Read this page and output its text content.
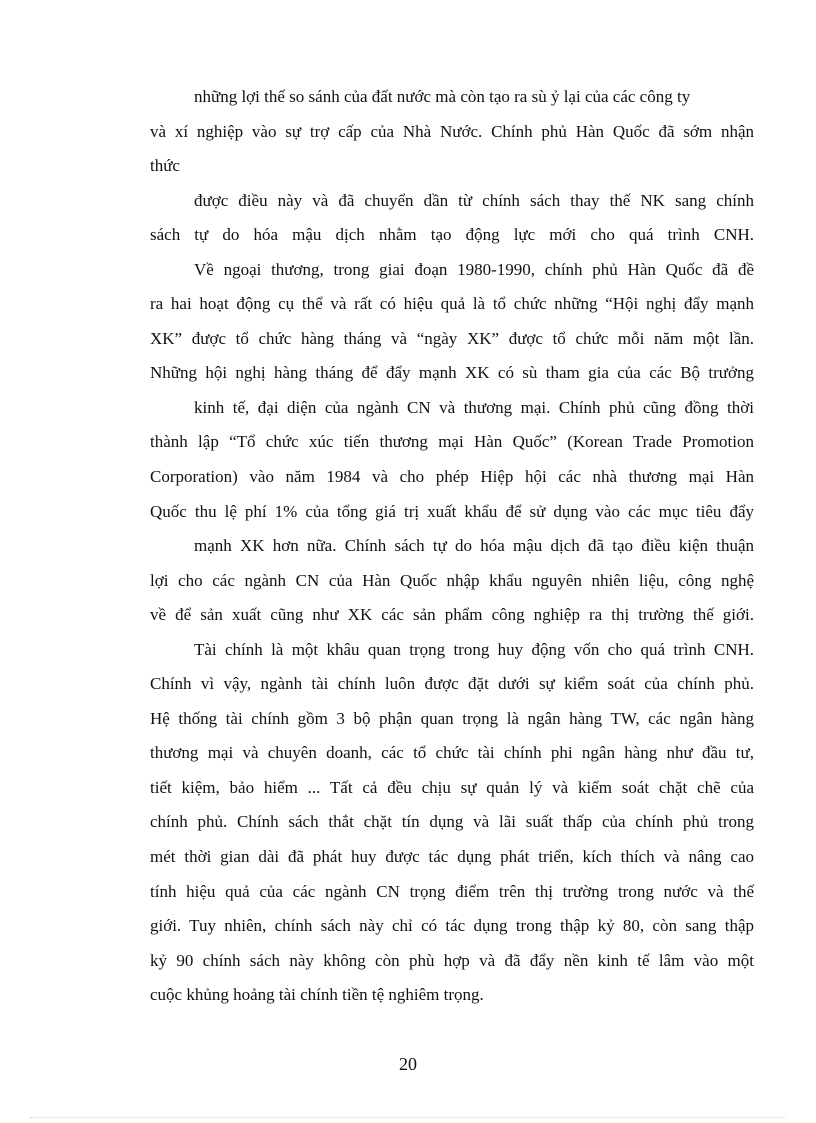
những lợi thế so sánh của đất nước mà còn tạo ra sù ỷ lại của các công ty
và xí nghiệp vào sự trợ cấp của Nhà Nước. Chính phủ Hàn Quốc đã sớm nhận
thức
được điều này và đã chuyển dần từ chính sách thay thế NK sang chính
sách tự do hóa mậu dịch nhằm tạo động lực mới cho quá trình CNH.
Về ngoại thương, trong giai đoạn 1980-1990, chính phủ Hàn Quốc đã đề
ra hai hoạt động cụ thể và rất có hiệu quả là tổ chức những “Hội nghị đẩy mạnh
XK” được tổ chức hàng tháng và “ngày XK” được tổ chức mỗi năm một lần.
Những hội nghị hàng tháng để đẩy mạnh XK có sù tham gia của các Bộ trưởng
kinh tế, đại diện của ngành CN và thương mại. Chính phủ cũng đồng thời
thành lập “Tổ chức xúc tiến thương mại Hàn Quốc” (Korean Trade Promotion
Corporation) vào năm 1984 và cho phép Hiệp hội các nhà thương mại Hàn
Quốc thu lệ phí 1% của tổng giá trị xuất khẩu để sử dụng vào các mục tiêu đẩy
mạnh XK hơn nữa. Chính sách tự do hóa mậu dịch đã tạo điều kiện thuận
lợi cho các ngành CN của Hàn Quốc nhập khẩu nguyên nhiên liệu, công nghệ
về để sản xuất cũng như XK các sản phẩm công nghiệp ra thị trường thế giới.
Tài chính là một khâu quan trọng trong huy động vốn cho quá trình CNH.
Chính vì vậy, ngành tài chính luôn được đặt dưới sự kiểm soát của chính phủ.
Hệ thống tài chính gồm 3 bộ phận quan trọng là ngân hàng TW, các ngân hàng
thương mại và chuyên doanh, các tổ chức tài chính phi ngân hàng như đầu tư,
tiết kiệm, bảo hiểm ... Tất cả đều chịu sự quản lý và kiểm soát chặt chẽ của
chính phủ. Chính sách thắt chặt tín dụng và lãi suất thấp của chính phủ trong
mét thời gian dài đã phát huy được tác dụng phát triển, kích thích và nâng cao
tính hiệu quả của các ngành CN trọng điểm trên thị trường trong nước và thế
giới. Tuy nhiên, chính sách này chỉ có tác dụng trong thập kỷ 80, còn sang thập
kỷ 90 chính sách này không còn phù hợp và đã đẩy nền kinh tế lâm vào một
cuộc khủng hoảng tài chính tiền tệ nghiêm trọng.
20
